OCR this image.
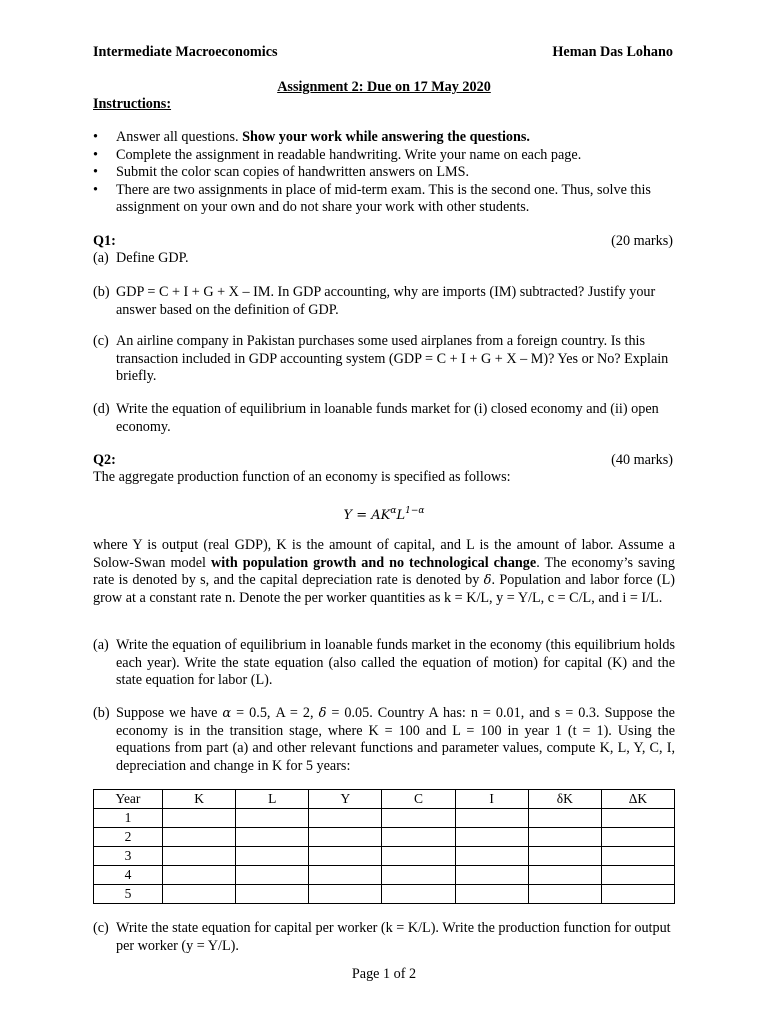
Intermediate Macroeconomics	Heman Das Lohano
Assignment 2: Due on 17 May 2020
Instructions:
• Answer all questions. Show your work while answering the questions.
• Complete the assignment in readable handwriting. Write your name on each page.
• Submit the color scan copies of handwritten answers on LMS.
• There are two assignments in place of mid-term exam. This is the second one. Thus, solve this assignment on your own and do not share your work with other students.
Q1:	(20 marks)
(a) Define GDP.
(b) GDP = C + I + G + X – IM. In GDP accounting, why are imports (IM) subtracted? Justify your answer based on the definition of GDP.
(c) An airline company in Pakistan purchases some used airplanes from a foreign country. Is this transaction included in GDP accounting system (GDP = C + I + G + X – M)? Yes or No? Explain briefly.
(d) Write the equation of equilibrium in loanable funds market for (i) closed economy and (ii) open economy.
Q2:	(40 marks)
The aggregate production function of an economy is specified as follows:
$Y = AK^\alpha L^{1-\alpha}$
where Y is output (real GDP), K is the amount of capital, and L is the amount of labor. Assume a Solow-Swan model with population growth and no technological change. The economy’s saving rate is denoted by s, and the capital depreciation rate is denoted by δ. Population and labor force (L) grow at a constant rate n. Denote the per worker quantities as k = K/L, y = Y/L, c = C/L, and i = I/L.
(a) Write the equation of equilibrium in loanable funds market in the economy (this equilibrium holds each year). Write the state equation (also called the equation of motion) for capital (K) and the state equation for labor (L).
(b) Suppose we have α = 0.5, A = 2, δ = 0.05. Country A has: n = 0.01, and s = 0.3. Suppose the economy is in the transition stage, where K = 100 and L = 100 in year 1 (t = 1). Using the equations from part (a) and other relevant functions and parameter values, compute K, L, Y, C, I, depreciation and change in K for 5 years:
Year	K	L	Y	C	I	δK	ΔK
1							
2							
3							
4							
5							
(c) Write the state equation for capital per worker (k = K/L). Write the production function for output per worker (y = Y/L).
Page 1 of 2
